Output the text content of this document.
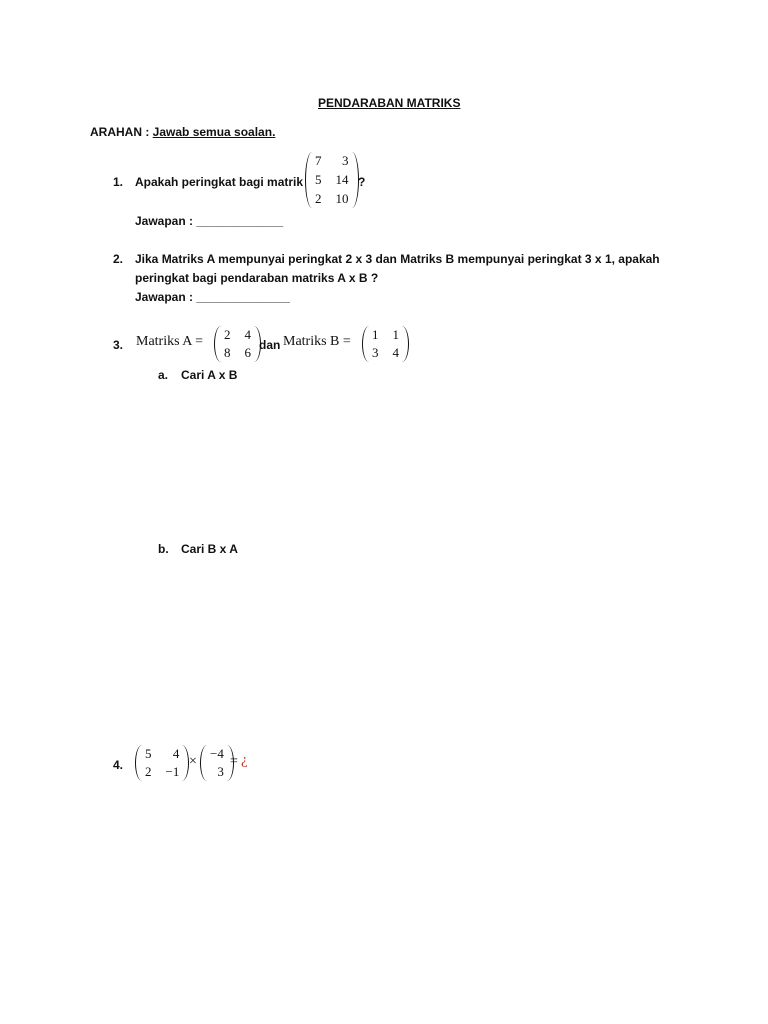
PENDARABAN MATRIKS
ARAHAN : Jawab semua soalan.
1. Apakah peringkat bagi matrik
7	3
5 14
2 10
?
Jawapan : _____________
2. Jika Matriks A mempunyai peringkat 2 x 3 dan Matriks B mempunyai peringkat 3 x 1, apakah
peringkat bagi pendaraban matriks A x B ?
Jawapan : ______________
3. Matriks A = 2 4
8 6 dan Matriks B = 1 1
3 4
a. Cari A x B
b. Cari B x A
4.
5	4
2 −1
×
−4
3
= ¿
